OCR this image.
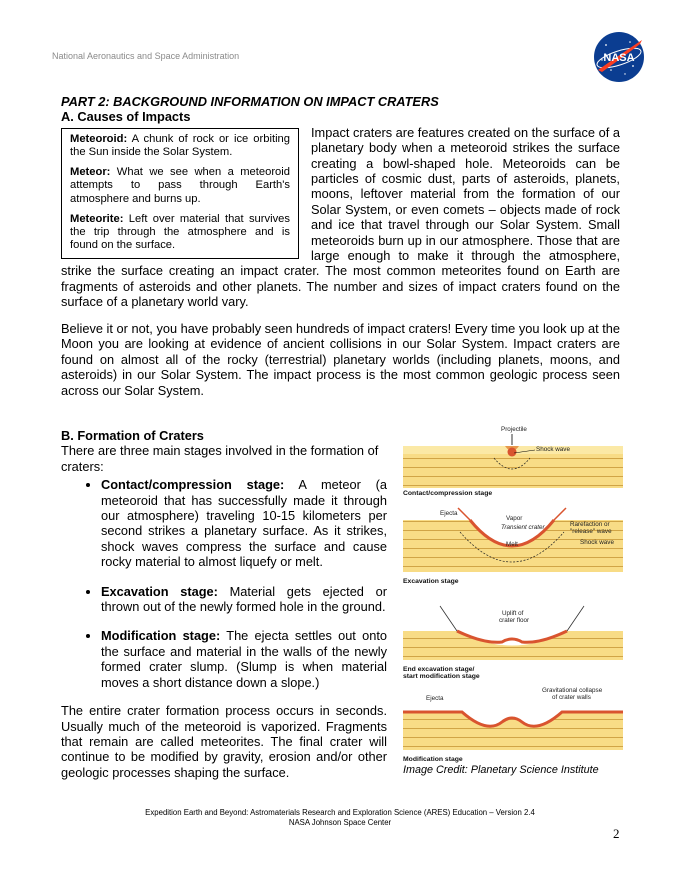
National Aeronautics and Space Administration	NASA

PART 2: BACKGROUND INFORMATION ON IMPACT CRATERS

A. Causes of Impacts

Meteoroid: A chunk of rock or ice orbiting the Sun inside the Solar System.

Meteor: What we see when a meteoroid attempts to pass through Earth's atmosphere and burns up.

Meteorite: Left over material that survives the trip through the atmosphere and is found on the surface.

Impact craters are features created on the surface of a planetary body when a meteoroid strikes the surface creating a bowl-shaped hole. Meteoroids can be particles of cosmic dust, parts of asteroids, planets, moons, leftover material from the formation of our Solar System, or even comets – objects made of rock and ice that travel through our Solar System. Small meteoroids burn up in our atmosphere. Those that are large enough to make it through the atmosphere, strike the surface creating an impact crater. The most common meteorites found on Earth are fragments of asteroids and other planets. The number and sizes of impact craters found on the surface of a planetary world vary.
Believe it or not, you have probably seen hundreds of impact craters! Every time you look up at the Moon you are looking at evidence of ancient collisions in our Solar System. Impact craters are found on almost all of the rocky (terrestrial) planetary worlds (including planets, moons, and asteroids) in our Solar System. The impact process is the most common geologic process seen across our Solar System.

B. Formation of Craters

There are three main stages involved in the formation of craters:

• Contact/compression stage: A meteor (a meteoroid that has successfully made it through our atmosphere) traveling 10-15 kilometers per second strikes a planetary surface. As it strikes, shock waves compress the surface and cause rocky material to almost liquefy or melt.
• Excavation stage: Material gets ejected or thrown out of the newly formed hole in the ground.
• Modification stage: The ejecta settles out onto the surface and material in the walls of the newly formed crater slump. (Slump is when material moves a short distance down a slope.)

The entire crater formation process occurs in seconds. Usually much of the meteoroid is vaporized. Fragments that remain are called meteorites. The final crater will continue to be modified by gravity, erosion and/or other geologic processes shaping the surface.

Projectile
Shock wave
Contact/compression stage
Ejecta
Vapor
Transient crater
Melt
Rarefaction or
"release" wave
Shock wave
Excavation stage
Uplift of
crater floor
End excavation stage/
start modification stage
Ejecta
Gravitational collapse
of crater walls
Modification stage
Image Credit: Planetary Science Institute
Expedition Earth and Beyond: Astromaterials Research and Exploration Science (ARES) Education – Version 2.4
NASA Johnson Space Center
2
